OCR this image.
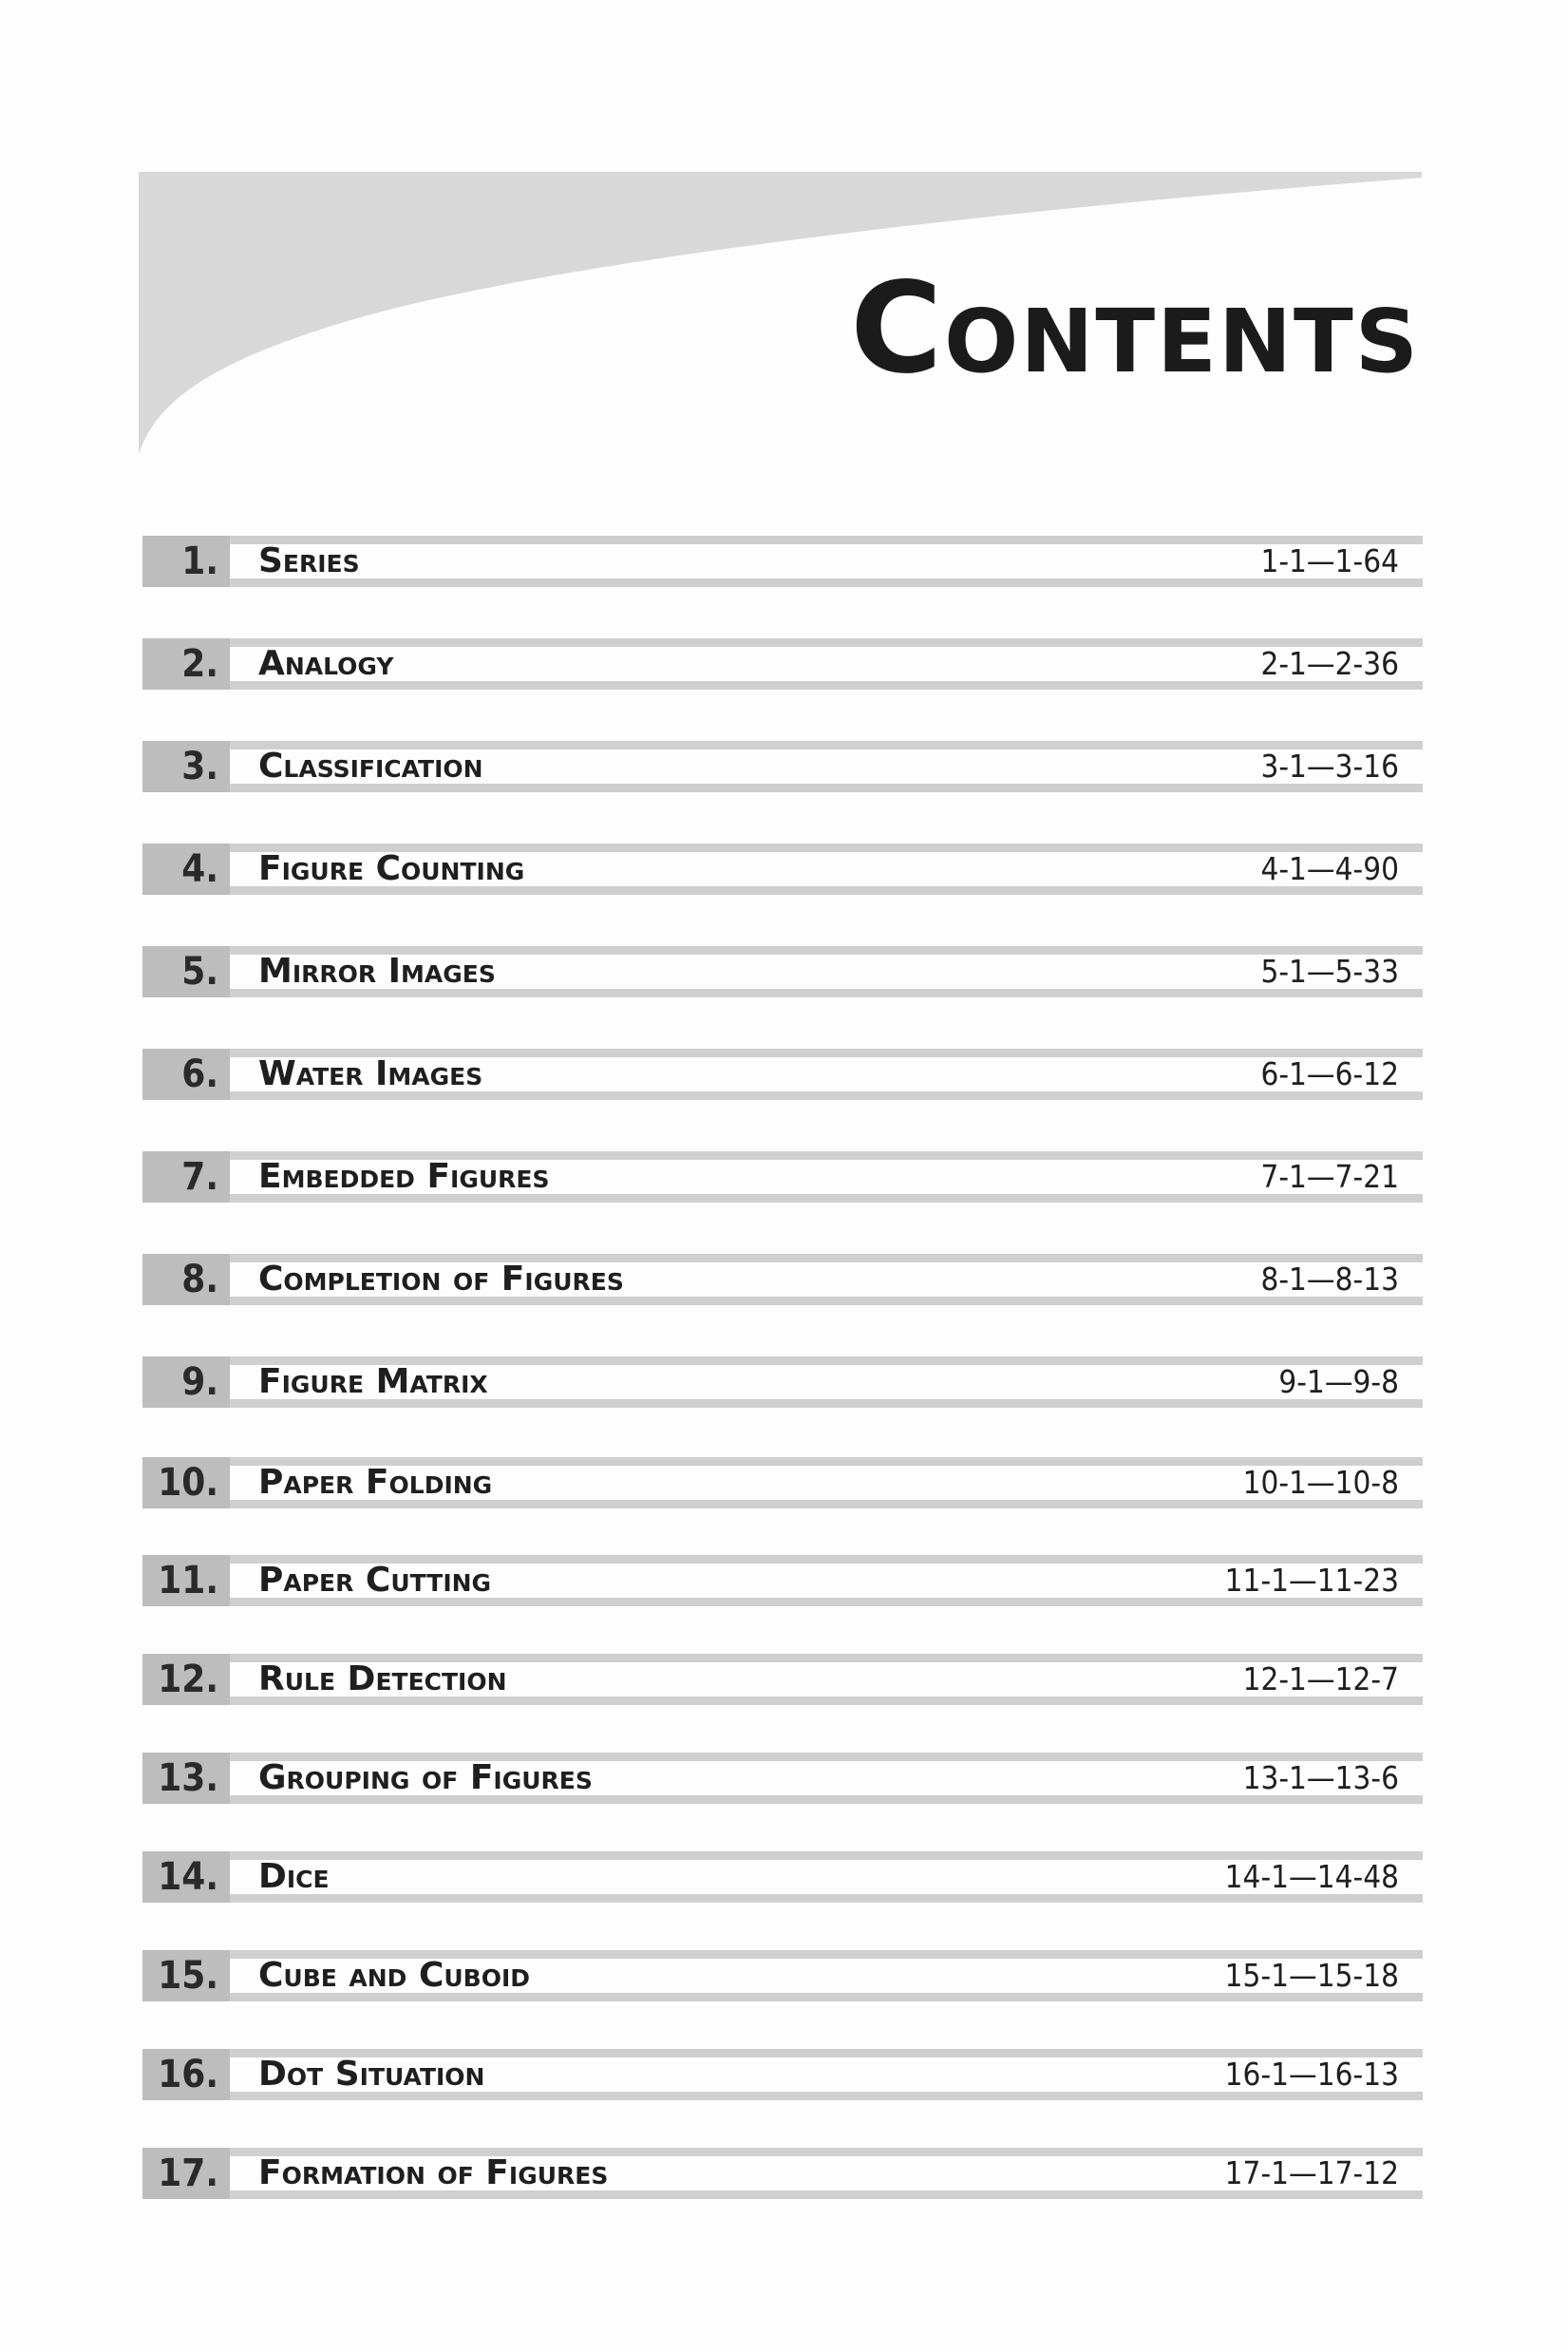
Contents
1.	Series	1-1—1-64
2.	Analogy	2-1—2-36
3.	Classification	3-1—3-16
4.	Figure Counting	4-1—4-90
5.	Mirror Images	5-1—5-33
6.	Water Images	6-1—6-12
7.	Embedded Figures	7-1—7-21
8.	Completion of Figures	8-1—8-13
9.	Figure Matrix	9-1—9-8
10.	Paper Folding	10-1—10-8
11.	Paper Cutting	11-1—11-23
12.	Rule Detection	12-1—12-7
13.	Grouping of Figures	13-1—13-6
14.	Dice	14-1—14-48
15.	Cube and Cuboid	15-1—15-18
16.	Dot Situation	16-1—16-13
17.	Formation of Figures	17-1—17-12
